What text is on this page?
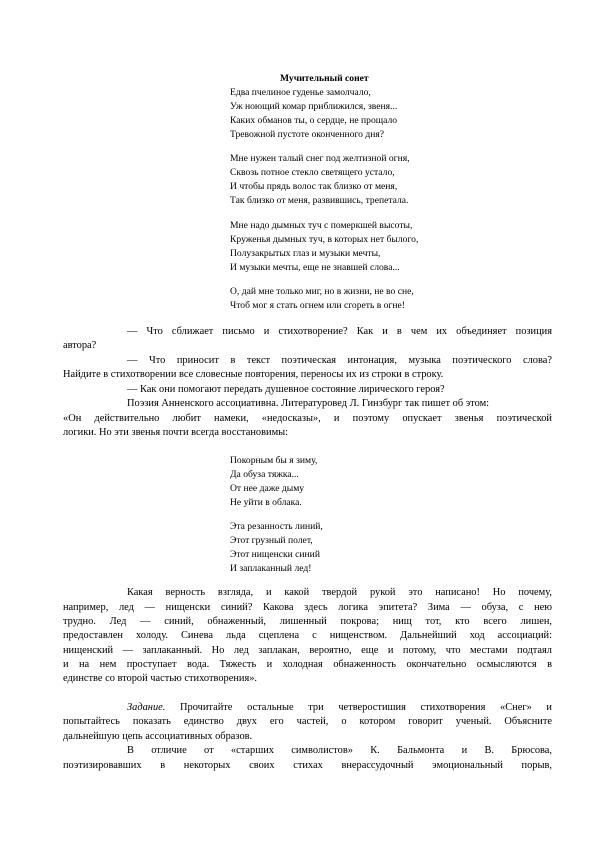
Мучительный сонет
Едва пчелиное гуденье замолчало,
Уж ноющий комар приближился, звеня...
Каких обманов ты, о сердце, не прощало
Тревожной пустоте оконченного дня?
Мне нужен талый снег под желтизной огня,
Сквозь потное стекло светящего устало,
И чтобы прядь волос так близко от меня,
Так близко от меня, развившись, трепетала.
Мне надо дымных туч с померкшей высоты,
Круженья дымных туч, в которых нет былого,
Полузакрытых глаз и музыки мечты,
И музыки мечты, еще не знавшей слова...
О, дай мне только миг, но в жизни, не во сне,
Чтоб мог я стать огнем или сгореть в огне!
— Что сближает письмо и стихотворение? Как и в чем их объединяет позиция
автора?
— Что приносит в текст поэтическая интонация, музыка поэтического слова?
Найдите в стихотворении все словесные повторения, переносы их из строки в строку.
— Как они помогают передать душевное состояние лирического героя?
Поэзия Анненского ассоциативна. Литературовед Л. Гинзбург так пишет об этом:
«Он действительно любит намеки, «недосказы», и поэтому опускает звенья поэтической
логики. Но эти звенья почти всегда восстановимы:
Покорным бы я зиму,
Да обуза тяжка...
От нее даже дыму
Не уйти в облака.
Эта резанность линий,
Этот грузный полет,
Этот нищенски синий
И заплаканный лед!
Какая верность взгляда, и какой твердой рукой это написано! Но почему,
например, лед — нищенски синий? Какова здесь логика эпитета? Зима — обуза, с нею
трудно. Лед — синий, обнаженный, лишенный покрова; нищ тот, кто всего лишен,
предоставлен холоду. Синева льда сцеплена с нищенством. Дальнейший ход ассоциаций:
нищенский — заплаканный. Но лед заплакан, вероятно, еще и потому, что местами подтаял
и на нем проступает вода. Тяжесть и холодная обнаженность окончательно осмысляются в
единстве со второй частью стихотворения».
Задание. Прочитайте остальные три четверостишия стихотворения «Снег» и
попытайтесь показать единство двух его частей, о котором говорит ученый. Объясните
дальнейшую цепь ассоциативных образов.
В отличие от «старших символистов» К. Бальмонта и В. Брюсова,
поэтизировавших в некоторых своих стихах внерассудочный эмоциональный порыв,
